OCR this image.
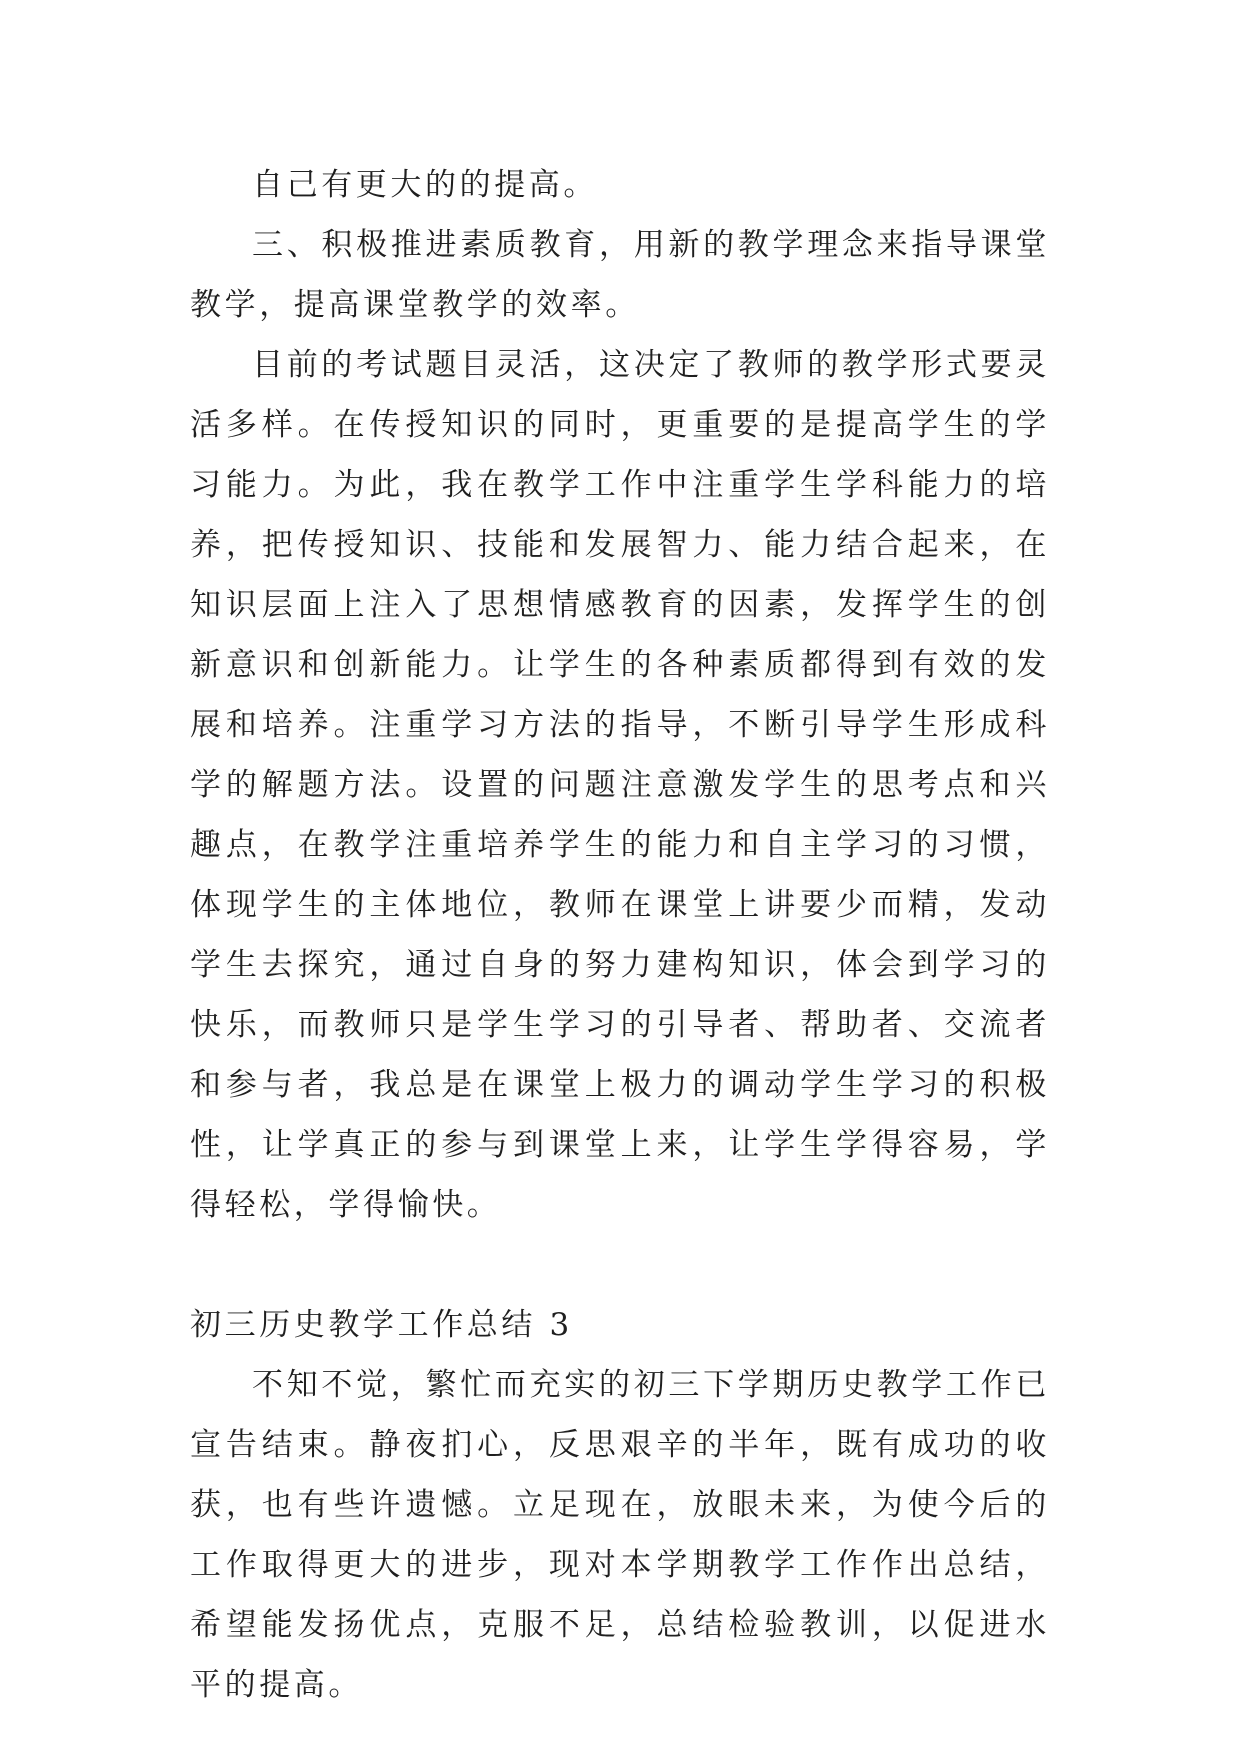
自己有更大的的提高。

三、积极推进素质教育，用新的教学理念来指导课堂教学，提高课堂教学的效率。

目前的考试题目灵活，这决定了教师的教学形式要灵活多样。在传授知识的同时，更重要的是提高学生的学习能力。为此，我在教学工作中注重学生学科能力的培养，把传授知识、技能和发展智力、能力结合起来，在知识层面上注入了思想情感教育的因素，发挥学生的创新意识和创新能力。让学生的各种素质都得到有效的发展和培养。注重学习方法的指导，不断引导学生形成科学的解题方法。设置的问题注意激发学生的思考点和兴趣点，在教学注重培养学生的能力和自主学习的习惯，体现学生的主体地位，教师在课堂上讲要少而精，发动学生去探究，通过自身的努力建构知识，体会到学习的快乐，而教师只是学生学习的引导者、帮助者、交流者和参与者，我总是在课堂上极力的调动学生学习的积极性，让学真正的参与到课堂上来，让学生学得容易，学得轻松，学得愉快。

初三历史教学工作总结 3

不知不觉，繁忙而充实的初三下学期历史教学工作已宣告结束。静夜扪心，反思艰辛的半年，既有成功的收获，也有些许遗憾。立足现在，放眼未来，为使今后的工作取得更大的进步，现对本学期教学工作作出总结，希望能发扬优点，克服不足，总结检验教训，以促进水平的提高。
